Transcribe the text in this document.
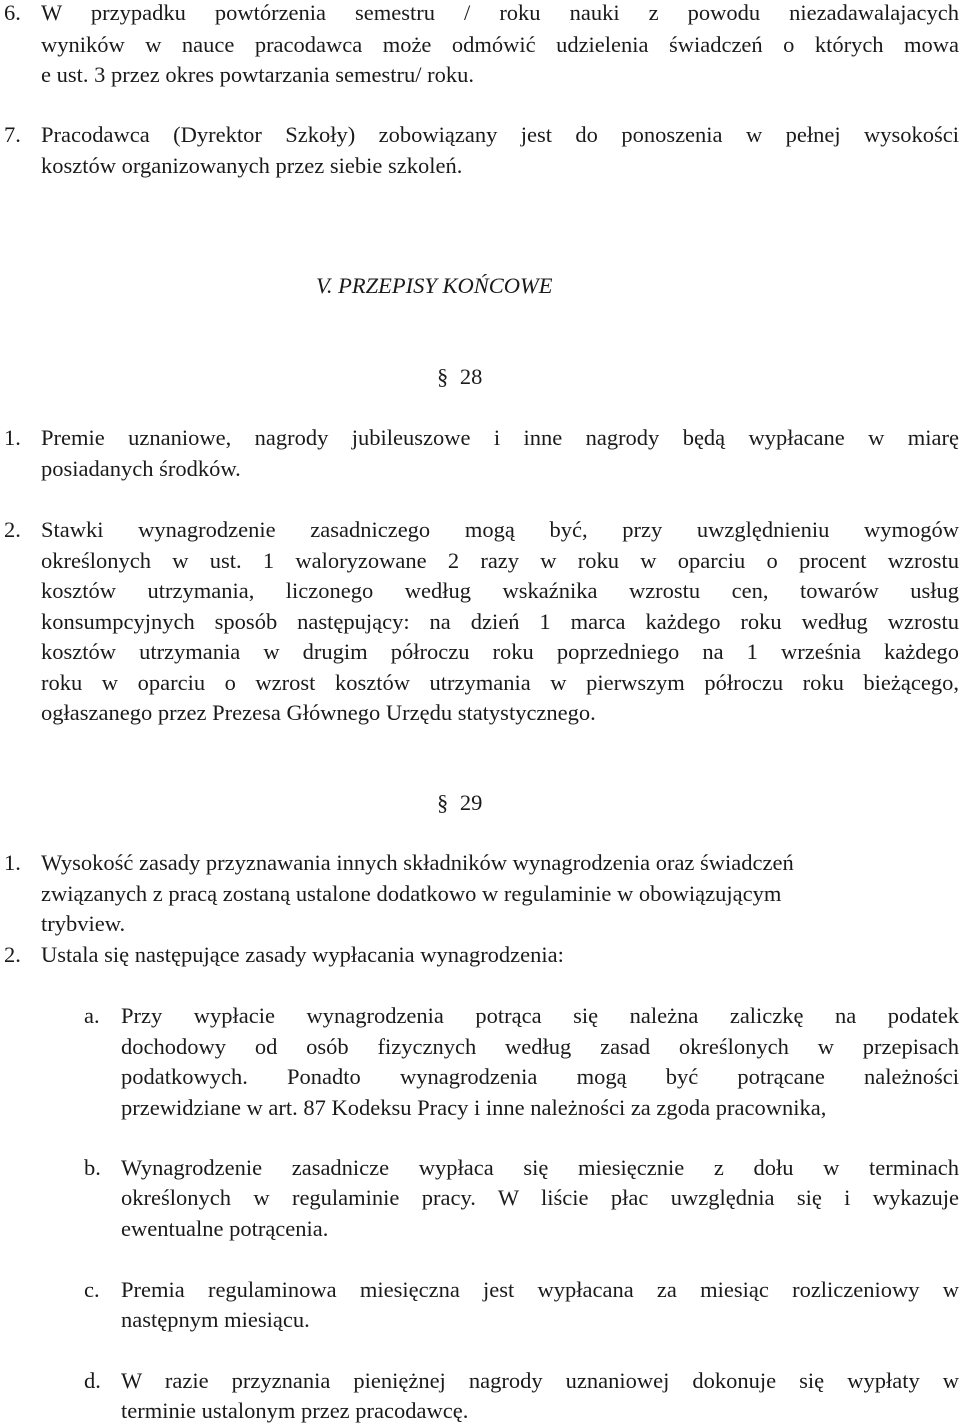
6. W przypadku powtórzenia semestru / roku nauki z powodu niezadawalajacych
wyników w nauce pracodawca może odmówić udzielenia świadczeń o których mowa
e ust. 3 przez okres powtarzania semestru/ roku.
7. Pracodawca (Dyrektor Szkoły) zobowiązany jest do ponoszenia w pełnej wysokości
kosztów organizowanych przez siebie szkoleń.
V. PRZEPISY KOŃCOWE
§ 28
1. Premie uznaniowe, nagrody jubileuszowe i inne nagrody będą wypłacane w miarę
posiadanych środków.
2. Stawki wynagrodzenie zasadniczego mogą być, przy uwzględnieniu wymogów
określonych w ust. 1 waloryzowane 2 razy w roku w oparciu o procent wzrostu
kosztów utrzymania, liczonego według wskaźnika wzrostu cen, towarów usług
konsumpcyjnych sposób następujący: na dzień 1 marca każdego roku według wzrostu
kosztów utrzymania w drugim półroczu roku poprzedniego na 1 września każdego
roku w oparciu o wzrost kosztów utrzymania w pierwszym półroczu roku bieżącego,
ogłaszanego przez Prezesa Głównego Urzędu statystycznego.
§ 29
1. Wysokość zasady przyznawania innych składników wynagrodzenia oraz świadczeń
związanych z pracą zostaną ustalone dodatkowo w regulaminie w obowiązującym
trybview.
2. Ustala się następujące zasady wypłacania wynagrodzenia:
a. Przy wypłacie wynagrodzenia potrąca się należna zaliczkę na podatek
dochodowy od osób fizycznych według zasad określonych w przepisach
podatkowych. Ponadto wynagrodzenia mogą być potrącane należności
przewidziane w art. 87 Kodeksu Pracy i inne należności za zgoda pracownika,
b. Wynagrodzenie zasadnicze wypłaca się miesięcznie z dołu w terminach
określonych w regulaminie pracy. W liście płac uwzględnia się i wykazuje
ewentualne potrącenia.
c. Premia regulaminowa miesięczna jest wypłacana za miesiąc rozliczeniowy w
następnym miesiącu.
d. W razie przyznania pieniężnej nagrody uznaniowej dokonuje się wypłaty w
terminie ustalonym przez pracodawcę.
